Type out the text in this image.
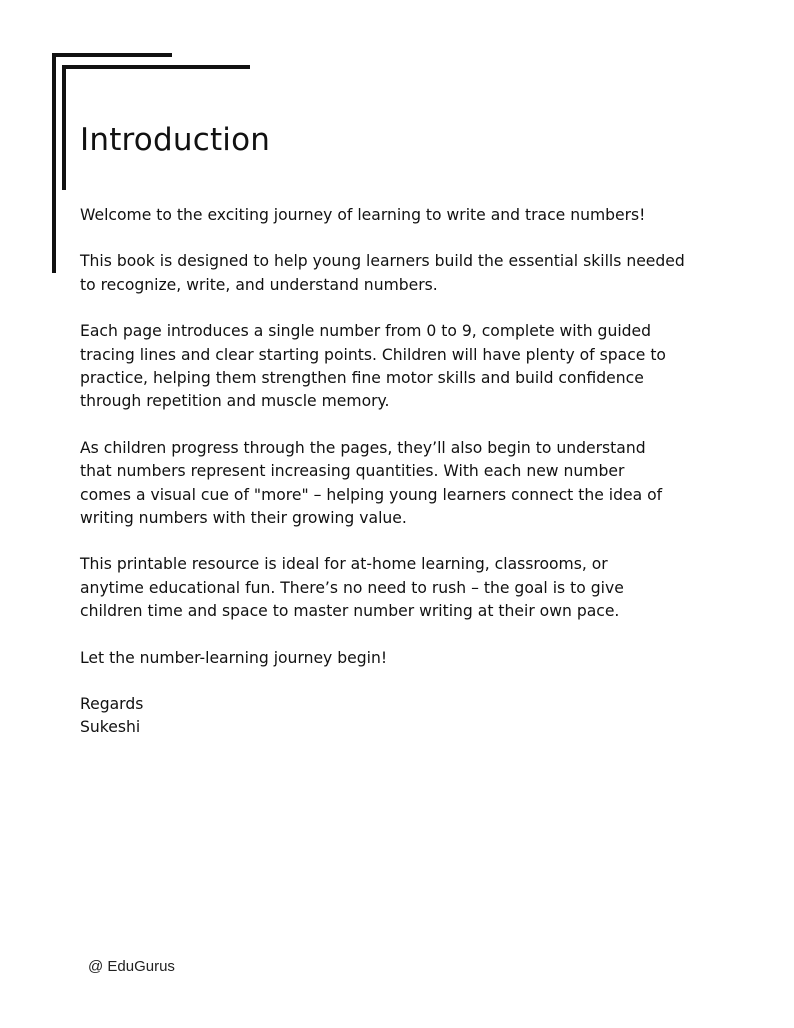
Introduction

Welcome to the exciting journey of learning to write and trace numbers!

This book is designed to help young learners build the essential skills needed
to recognize, write, and understand numbers.

Each page introduces a single number from 0 to 9, complete with guided
tracing lines and clear starting points. Children will have plenty of space to
practice, helping them strengthen fine motor skills and build confidence
through repetition and muscle memory.

As children progress through the pages, they’ll also begin to understand
that numbers represent increasing quantities. With each new number
comes a visual cue of "more" – helping young learners connect the idea of
writing numbers with their growing value.

This printable resource is ideal for at-home learning, classrooms, or
anytime educational fun. There’s no need to rush – the goal is to give
children time and space to master number writing at their own pace.

Let the number-learning journey begin!

Regards
Sukeshi

@ EduGurus
